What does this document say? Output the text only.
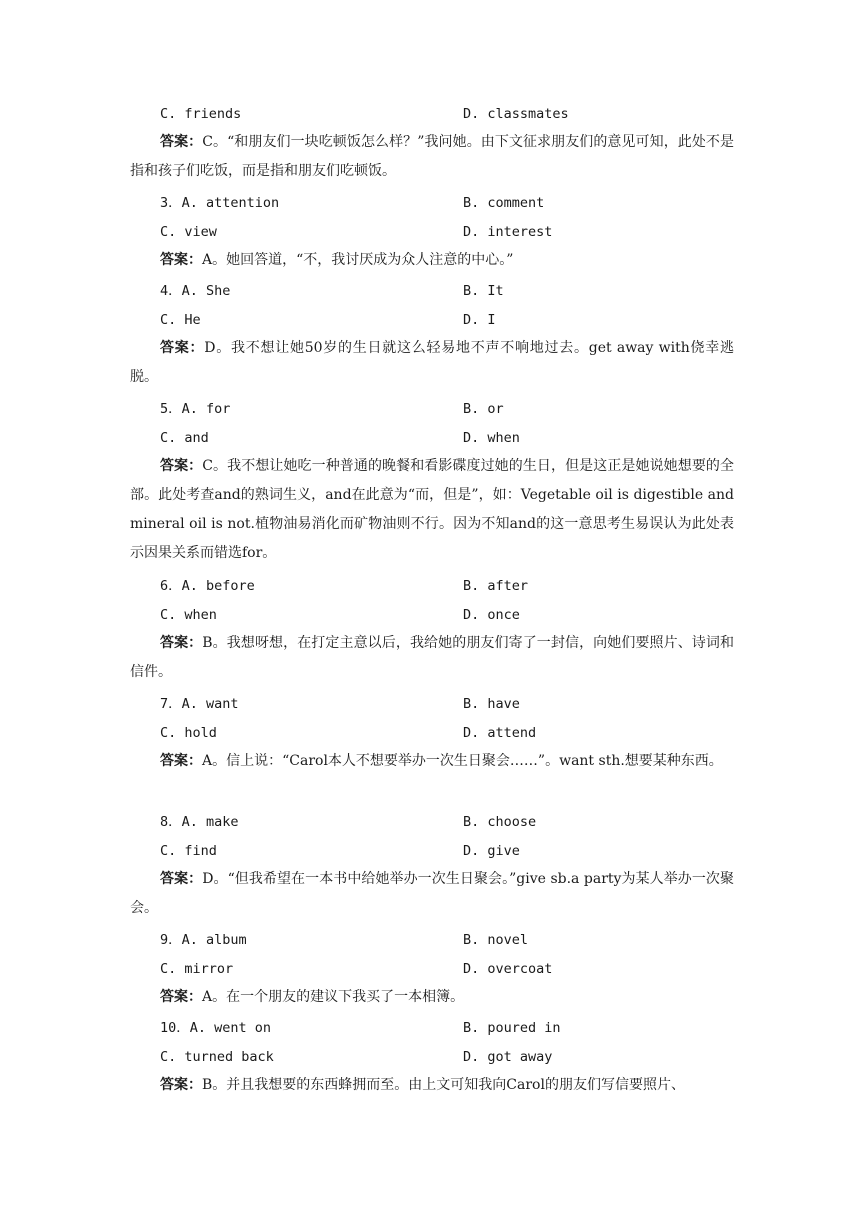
C. friends	D. classmates
答案：C。“和朋友们一块吃顿饭怎么样？”我问她。由下文征求朋友们的意见可知，此处不是指和孩子们吃饭，而是指和朋友们吃顿饭。
3．A. attention	B. comment
C. view	D. interest
答案：A。她回答道，“不，我讨厌成为众人注意的中心。”
4．A. She	B. It
C. He	D. I
答案：D。我不想让她50岁的生日就这么轻易地不声不响地过去。get away with侥幸逃脱。
5．A. for	B. or
C. and	D. when
答案：C。我不想让她吃一种普通的晚餐和看影碟度过她的生日，但是这正是她说她想要的全部。此处考查and的熟词生义，and在此意为“而，但是”，如：Vegetable oil is digestible and mineral oil is not.植物油易消化而矿物油则不行。因为不知and的这一意思考生易误认为此处表示因果关系而错选for。
6．A. before	B. after
C. when	D. once
答案：B。我想呀想，在打定主意以后，我给她的朋友们寄了一封信，向她们要照片、诗词和信件。
7．A. want	B. have
C. hold	D. attend
答案：A。信上说：“Carol本人不想要举办一次生日聚会……”。want sth.想要某种东西。
8．A. make	B. choose
C. find	D. give
答案：D。“但我希望在一本书中给她举办一次生日聚会。”give sb.a party为某人举办一次聚会。
9．A. album	B. novel
C. mirror	D. overcoat
答案：A。在一个朋友的建议下我买了一本相簿。
10．A. went on	B. poured in
C. turned back	D. got away
答案：B。并且我想要的东西蜂拥而至。由上文可知我向Carol的朋友们写信要照片、
